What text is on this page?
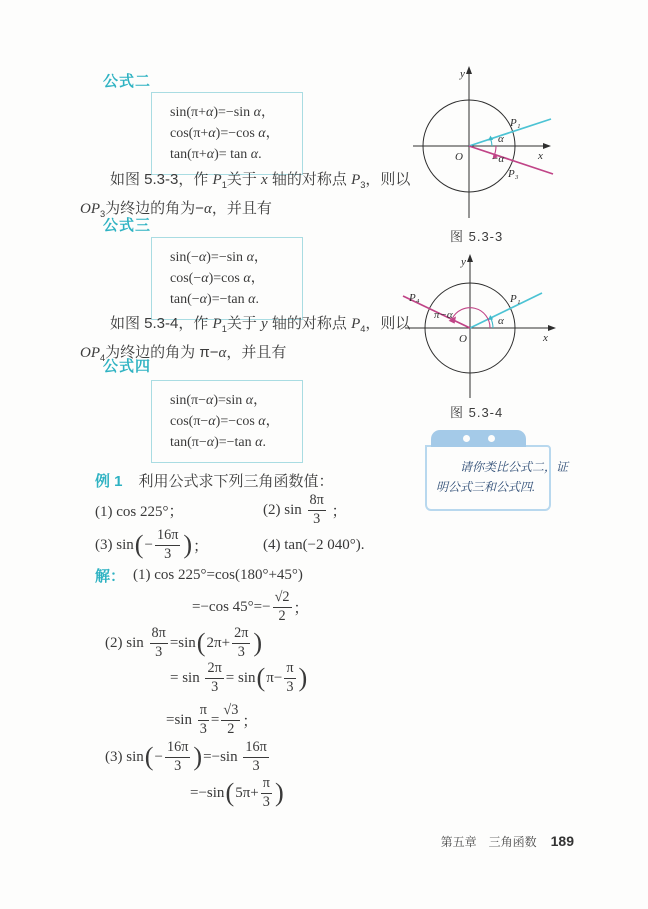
公式二
sin(π+α)=−sin α，
cos(π+α)=−cos α，
tan(π+α)= tan α.
如图 5.3-3，作 $P_1$关于 x 轴的对称点 $P_3$，则以
$OP_3$为终边的角为−α，并且有
公式三
sin(−α)=−sin α，
cos(−α)=cos α，
tan(−α)=−tan α.
如图 5.3-4，作 $P_1$关于 y 轴的对称点 $P_4$，则以
$OP_4$为终边的角为 π−α，并且有
公式四
sin(π−α)=sin α，
cos(π−α)=−cos α，
tan(π−α)=−tan α.
例 1 利用公式求下列三角函数值：
(1) cos 225°；	(2) sin
8π
3 ；
(3) sin ( − $\frac{16\pi}{3}$ ) ；	(4) tan(−2 040°).
解： (1) cos 225°=cos(180°+45°)
=−cos $45^\circ=- \frac{√2}{2}$ ；
(2) $\sin \frac{8\pi}{3} =\sin$ ( $2\pi+ \frac{2\pi}{3}$ )
= $\sin \frac{2\pi}{3} = \sin$ ( $\pi- \frac{\pi}{3}$ )
$=\sin \frac{\pi}{3} = \frac{√3}{2}$ ；
(3) sin ( − $\frac{16\pi}{3}$ ) =−sin
16π
3
=−sin ( $5\pi+ \frac{\pi}{3}$ )
y
x
O
P₁
P₃
α
−α
图 5.3-3
y
x
O
P₁
P₄
π−α	α
图 5.3-4
请你类比公式二，证
明公式三和公式四.
第五章 三角函数 189
